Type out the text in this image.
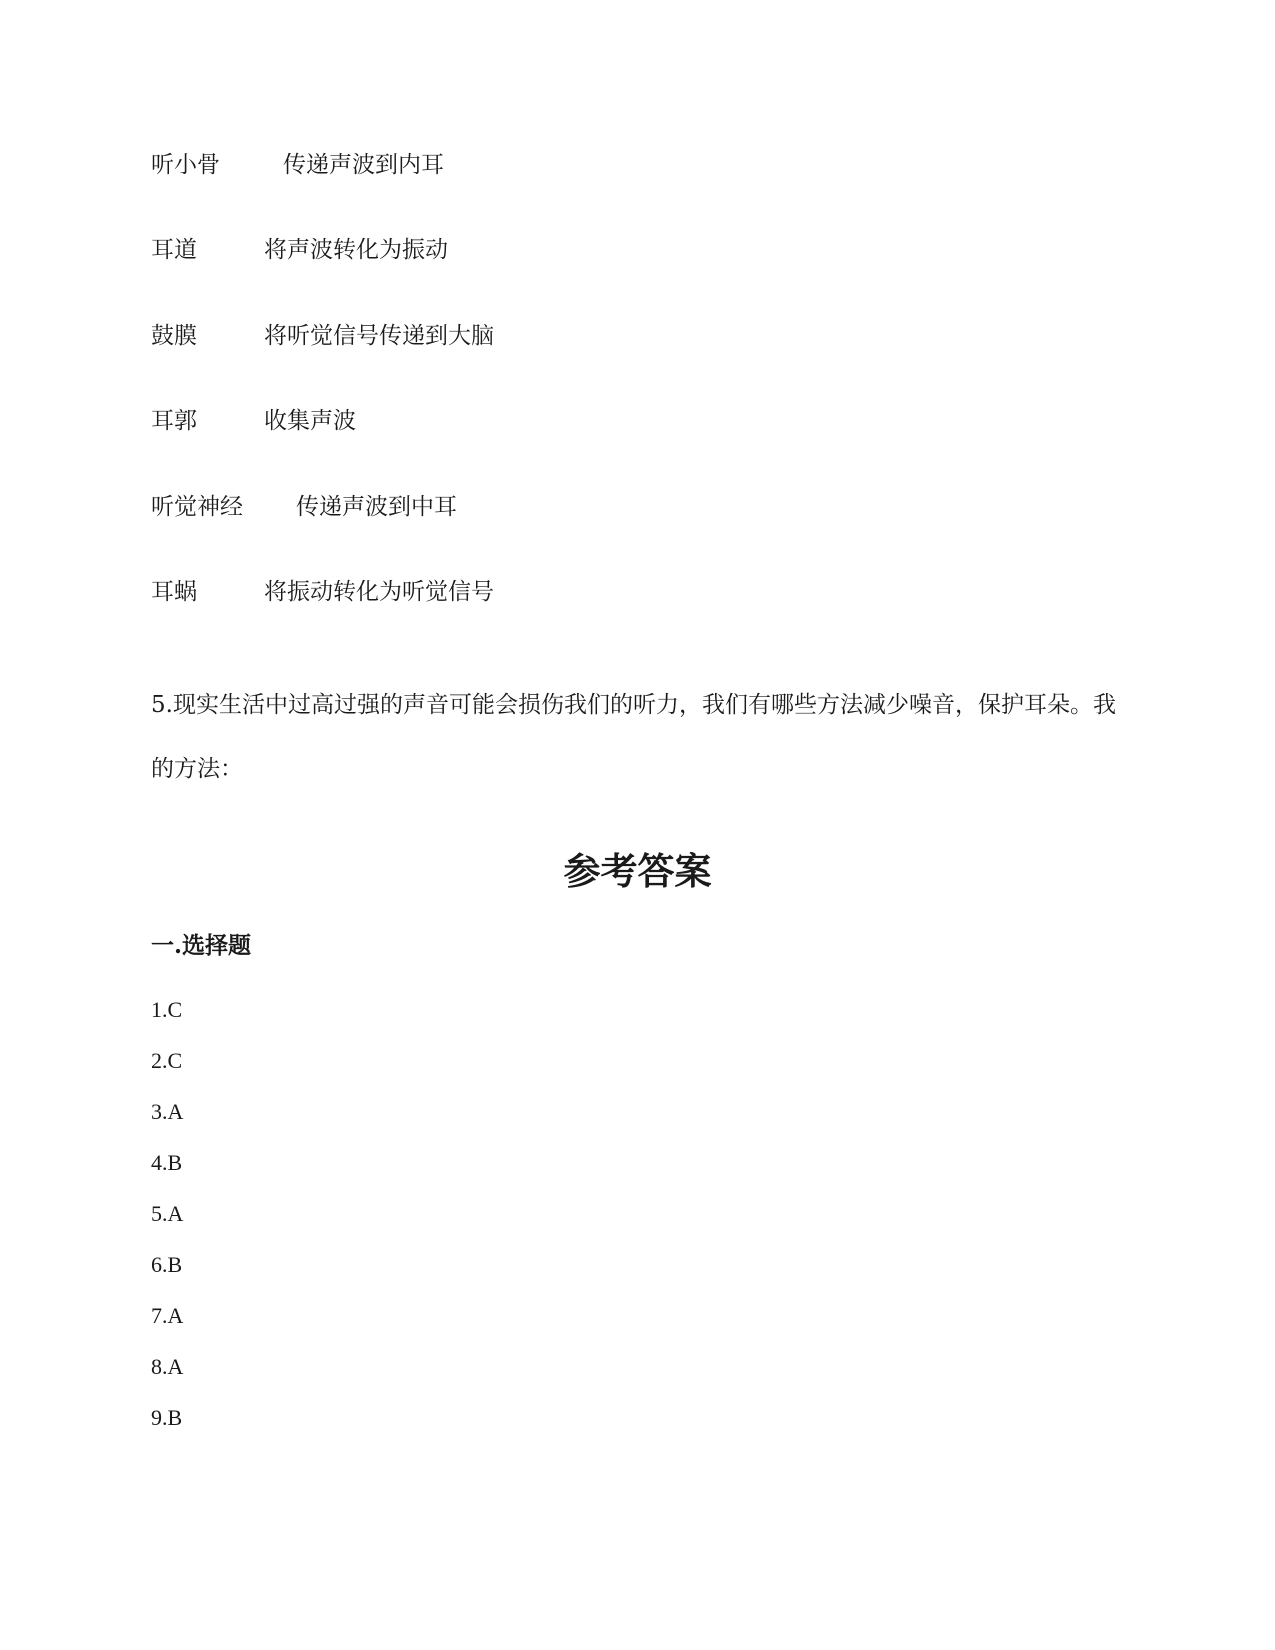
听小骨	传递声波到内耳
耳道	将声波转化为振动
鼓膜	将听觉信号传递到大脑
耳郭	收集声波
听觉神经 传递声波到中耳
耳蜗	将振动转化为听觉信号
5.现实生活中过高过强的声音可能会损伤我们的听力，我们有哪些方法减少噪音，保护耳朵。我的方法：
参考答案
一.选择题
1.C
2.C
3.A
4.B
5.A
6.B
7.A
8.A
9.B
